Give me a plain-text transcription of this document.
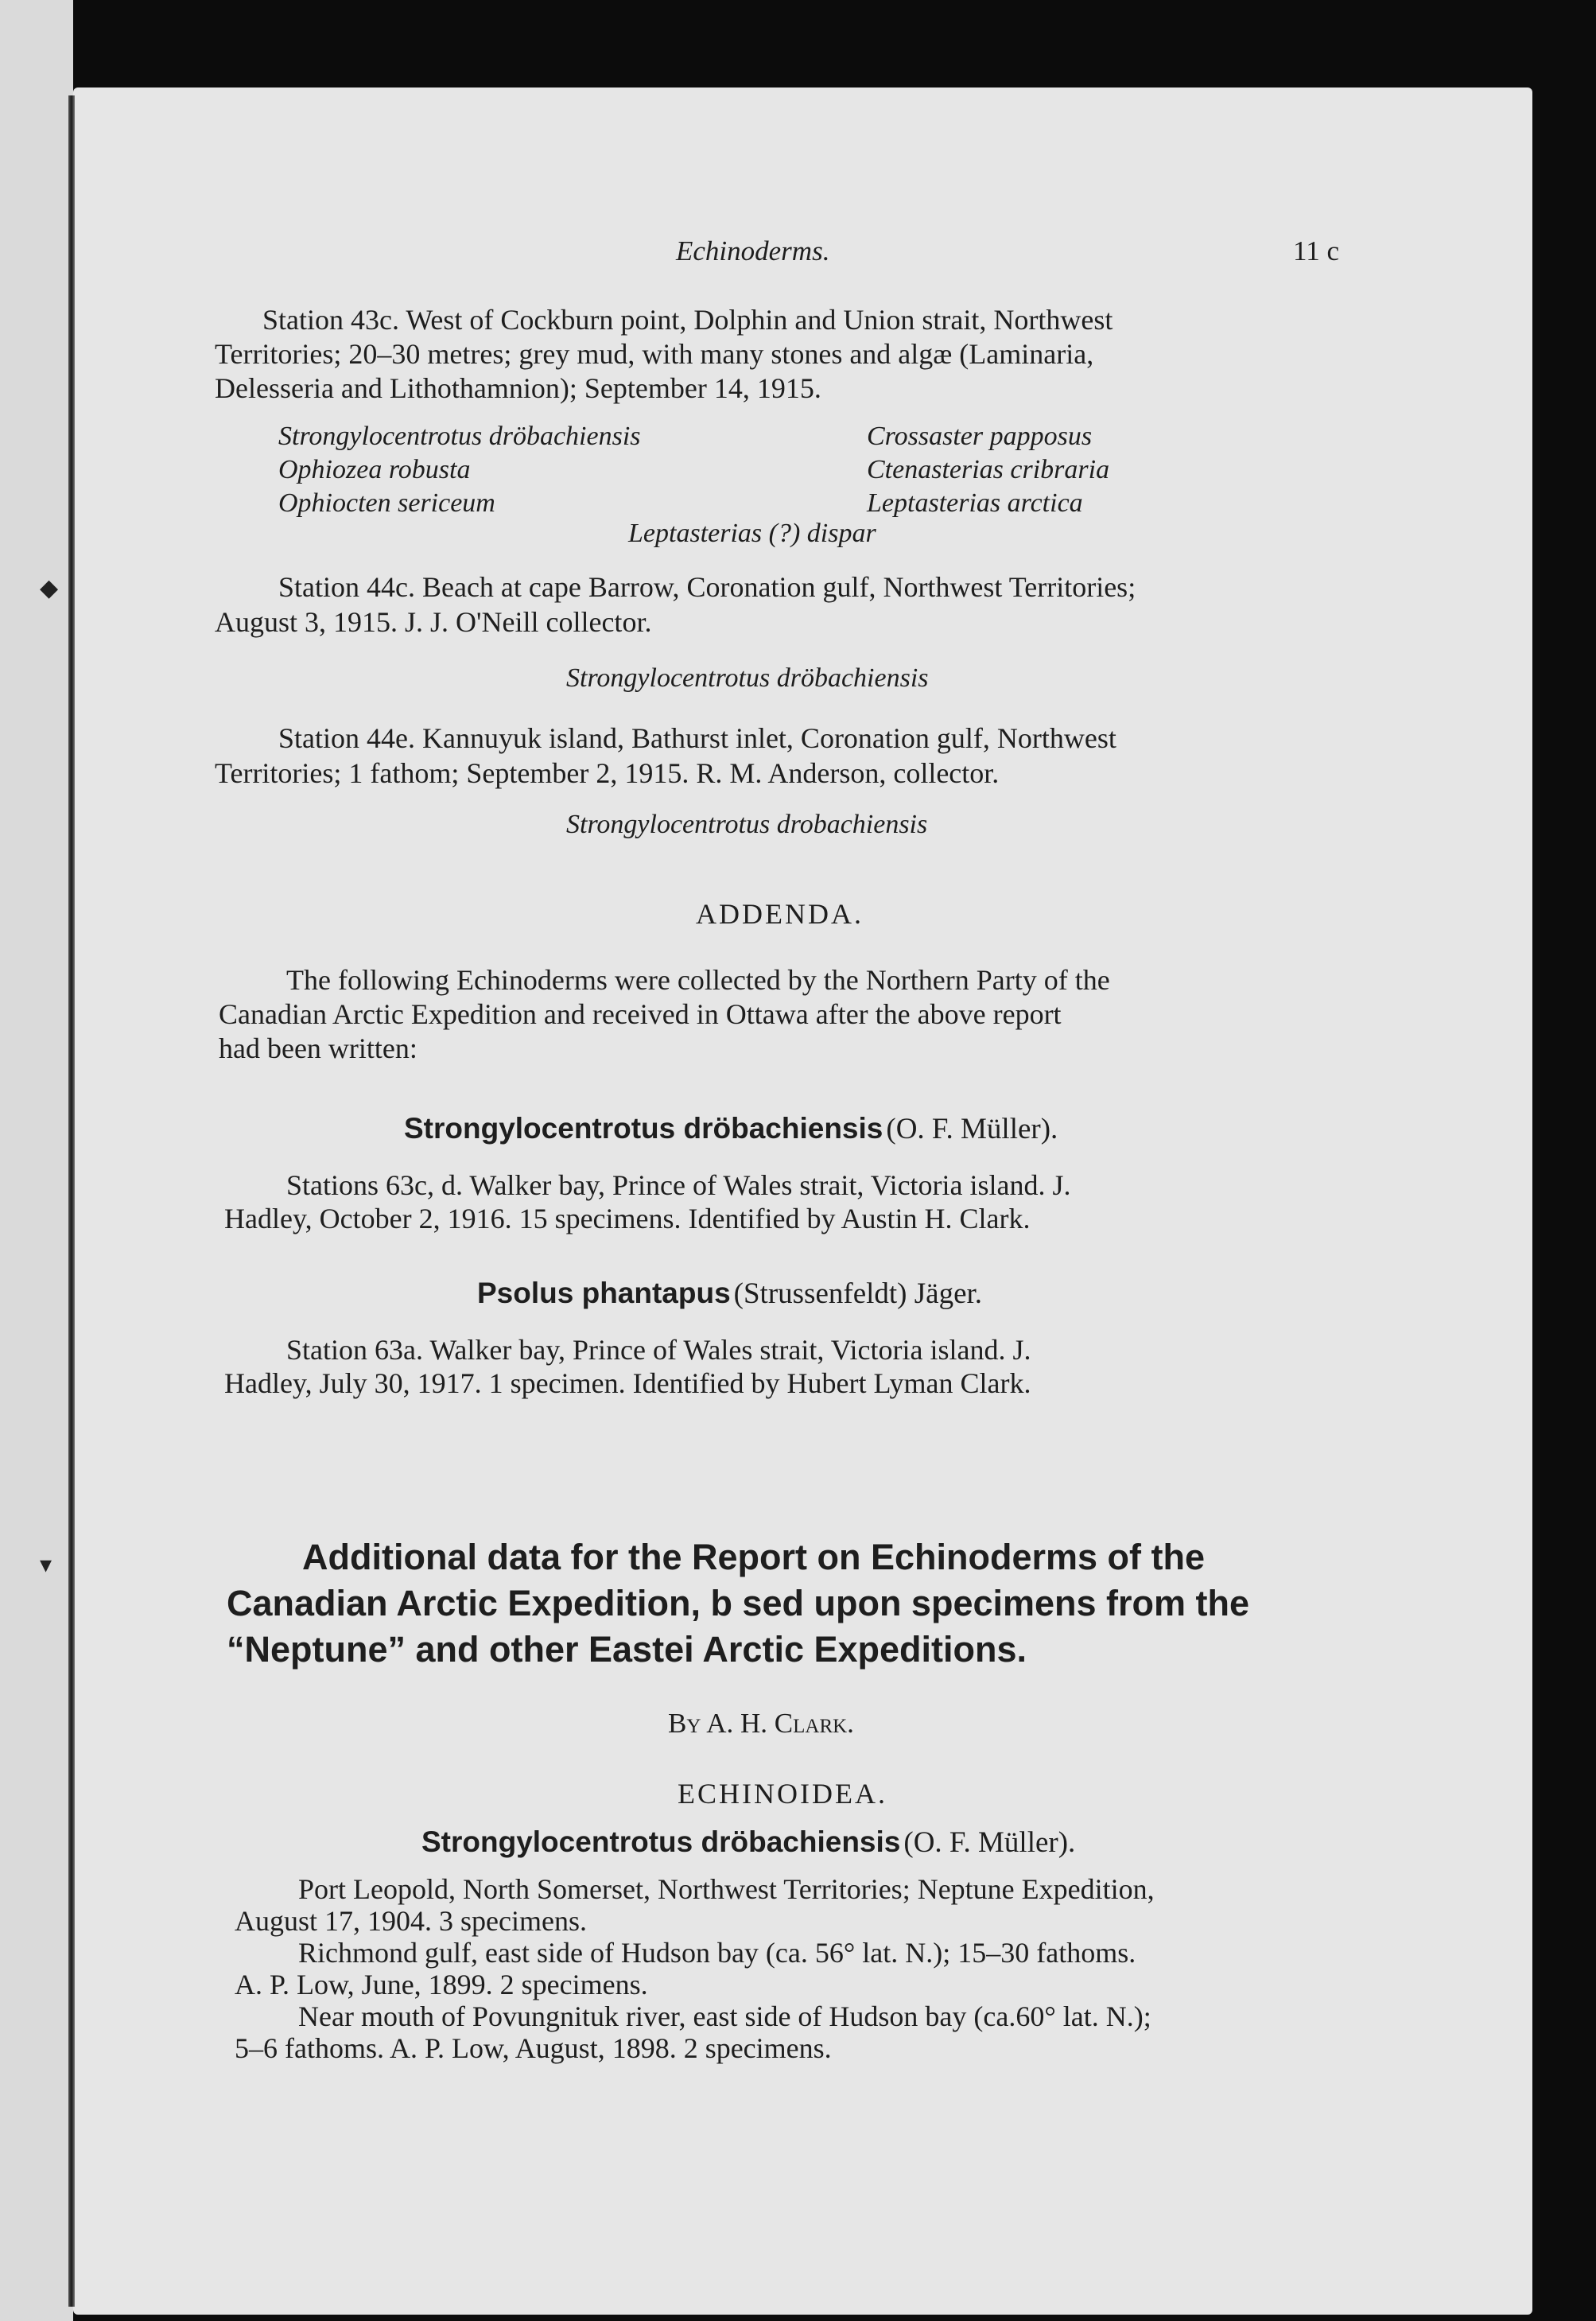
◆
▾
Echinoderms.	11 c
Station 43c. West of Cockburn point, Dolphin and Union strait, Northwest
Territories; 20–30 metres; grey mud, with many stones and algæ (Laminaria,
Delesseria and Lithothamnion); September 14, 1915.
Strongylocentrotus dröbachiensis
Ophiozea robusta
Ophiocten sericeum
Crossaster papposus
Ctenasterias cribraria
Leptasterias arctica
Leptasterias (?) dispar
Station 44c. Beach at cape Barrow, Coronation gulf, Northwest Territories;
August 3, 1915. J. J. O'Neill collector.
Strongylocentrotus dröbachiensis
Station 44e. Kannuyuk island, Bathurst inlet, Coronation gulf, Northwest
Territories; 1 fathom; September 2, 1915. R. M. Anderson, collector.
Strongylocentrotus drobachiensis
ADDENDA.
The following Echinoderms were collected by the Northern Party of the
Canadian Arctic Expedition and received in Ottawa after the above report
had been written:
Strongylocentrotus dröbachiensis (O. F. Müller).
Stations 63c, d. Walker bay, Prince of Wales strait, Victoria island. J.
Hadley, October 2, 1916. 15 specimens. Identified by Austin H. Clark.
Psolus phantapus (Strussenfeldt) Jäger.
Station 63a. Walker bay, Prince of Wales strait, Victoria island. J.
Hadley, July 30, 1917. 1 specimen. Identified by Hubert Lyman Clark.
Additional data for the Report on Echinoderms of the
Canadian Arctic Expedition, b sed upon specimens from the
“Neptune” and other Eastei Arctic Expeditions.
By A. H. Clark.
ECHINOIDEA.
Strongylocentrotus dröbachiensis (O. F. Müller).
Port Leopold, North Somerset, Northwest Territories; Neptune Expedition,
August 17, 1904. 3 specimens.
Richmond gulf, east side of Hudson bay (ca. 56° lat. N.); 15–30 fathoms.
A. P. Low, June, 1899. 2 specimens.
Near mouth of Povungnituk river, east side of Hudson bay (ca.60° lat. N.);
5–6 fathoms. A. P. Low, August, 1898. 2 specimens.
